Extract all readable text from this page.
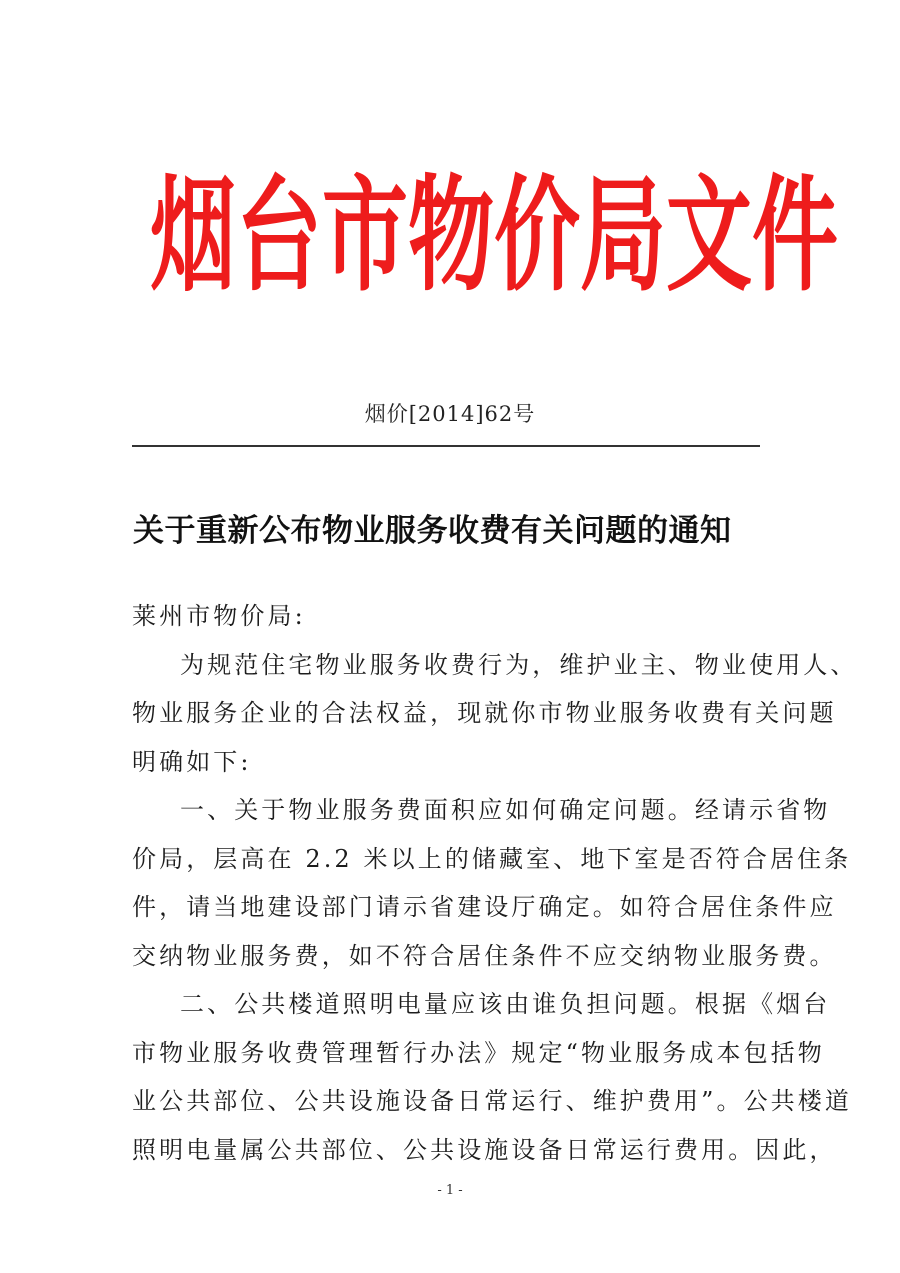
烟 台 市 物 价 局 文 件
烟价[2014]62号
关于重新公布物业服务收费有关问题的通知
莱州市物价局:
为规范住宅物业服务收费行为，维护业主、物业使用人、
物业服务企业的合法权益，现就你市物业服务收费有关问题
明确如下:
一、关于物业服务费面积应如何确定问题。经请示省物
价局，层高在 2.2 米以上的储藏室、地下室是否符合居住条
件，请当地建设部门请示省建设厅确定。如符合居住条件应
交纳物业服务费，如不符合居住条件不应交纳物业服务费。
二、公共楼道照明电量应该由谁负担问题。根据《烟台
市物业服务收费管理暂行办法》规定“物业服务成本包括物
业公共部位、公共设施设备日常运行、维护费用”。公共楼道
照明电量属公共部位、公共设施设备日常运行费用。因此，
- 1 -
